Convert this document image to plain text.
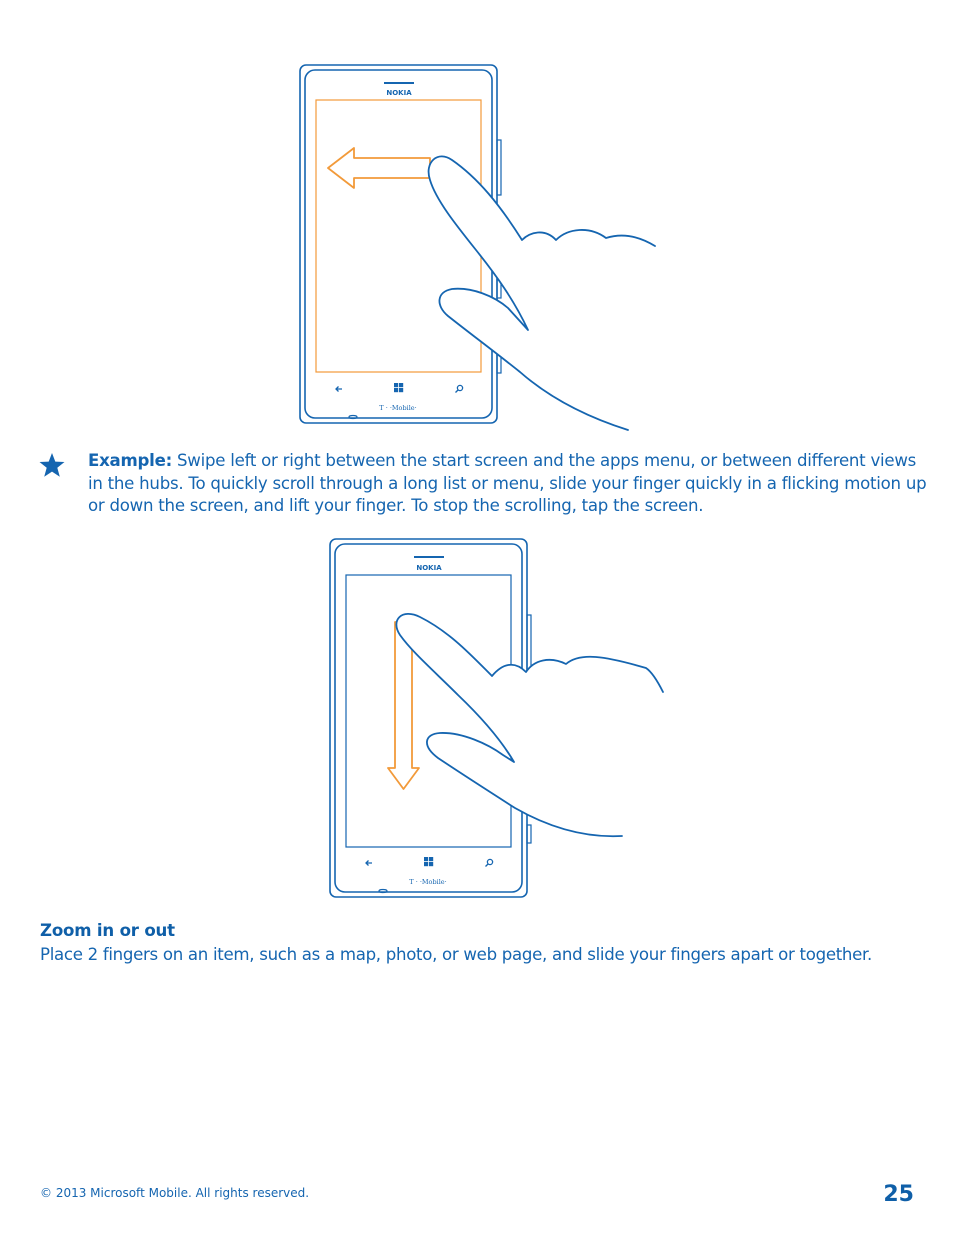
NOKIA
T · ·Mobile·
Example: Swipe left or right between the start screen and the apps menu, or between different views in the hubs. To quickly scroll through a long list or menu, slide your finger quickly in a flicking motion up or down the screen, and lift your finger. To stop the scrolling, tap the screen.
NOKIA
T · ·Mobile·
Zoom in or out
Place 2 fingers on an item, such as a map, photo, or web page, and slide your fingers apart or together.
© 2013 Microsoft Mobile. All rights reserved.	25
